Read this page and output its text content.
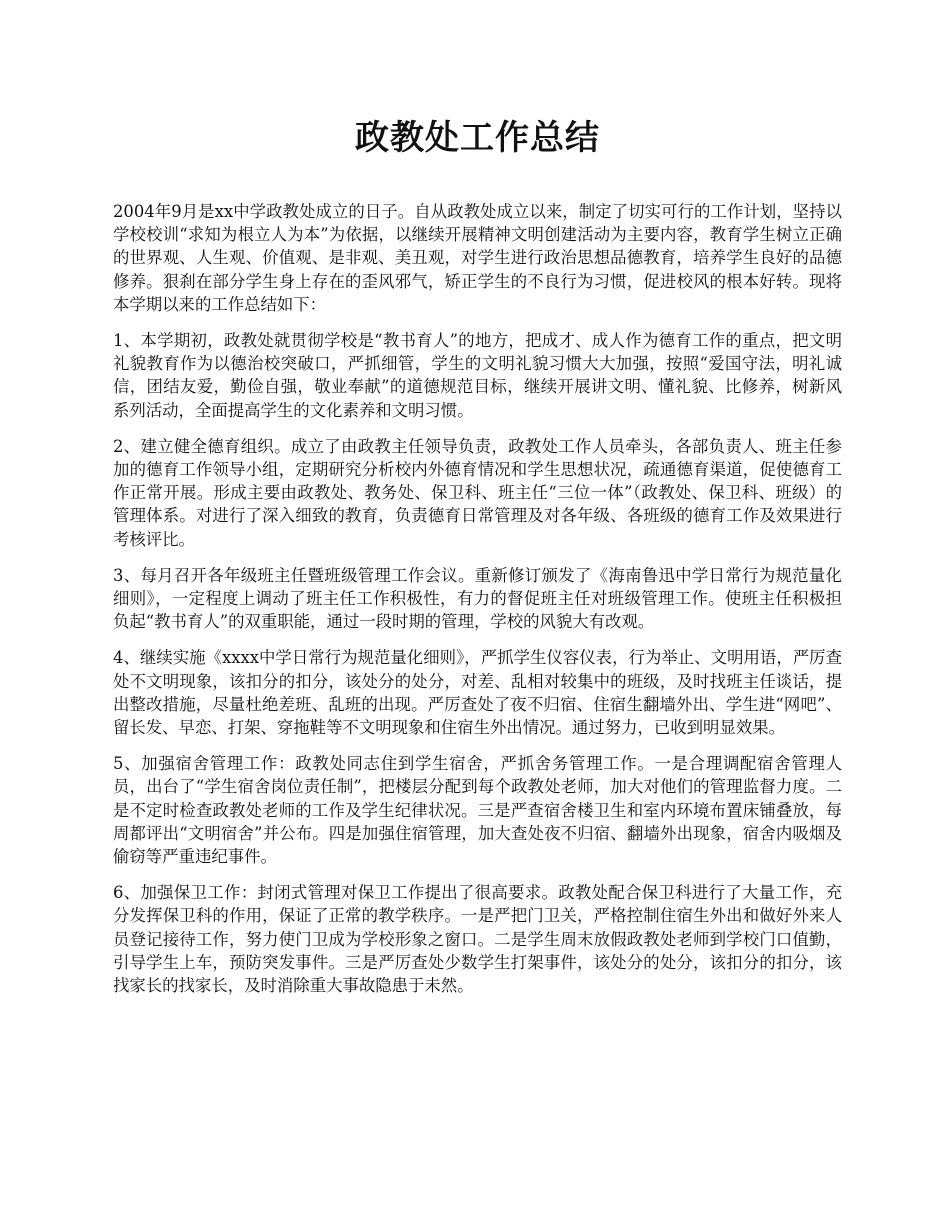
政教处工作总结

2004年9月是xx中学政教处成立的日子。自从政教处成立以来，制定了切实可行的工作计划，坚持以学校校训“求知为根立人为本”为依据，以继续开展精神文明创建活动为主要内容，教育学生树立正确的世界观、人生观、价值观、是非观、美丑观，对学生进行政治思想品德教育，培养学生良好的品德修养。狠刹在部分学生身上存在的歪风邪气，矫正学生的不良行为习惯，促进校风的根本好转。现将本学期以来的工作总结如下：

1、本学期初，政教处就贯彻学校是“教书育人”的地方，把成才、成人作为德育工作的重点，把文明礼貌教育作为以德治校突破口，严抓细管，学生的文明礼貌习惯大大加强，按照“爱国守法，明礼诚信，团结友爱，勤俭自强，敬业奉献”的道德规范目标，继续开展讲文明、懂礼貌、比修养，树新风系列活动，全面提高学生的文化素养和文明习惯。

2、建立健全德育组织。成立了由政教主任领导负责，政教处工作人员牵头，各部负责人、班主任参加的德育工作领导小组，定期研究分析校内外德育情况和学生思想状况，疏通德育渠道，促使德育工作正常开展。形成主要由政教处、教务处、保卫科、班主任“三位一体”（政教处、保卫科、班级）的管理体系。对进行了深入细致的教育，负责德育日常管理及对各年级、各班级的德育工作及效果进行考核评比。

3、每月召开各年级班主任暨班级管理工作会议。重新修订颁发了《海南鲁迅中学日常行为规范量化细则》，一定程度上调动了班主任工作积极性，有力的督促班主任对班级管理工作。使班主任积极担负起“教书育人”的双重职能，通过一段时期的管理，学校的风貌大有改观。

4、继续实施《xxxx中学日常行为规范量化细则》，严抓学生仪容仪表，行为举止、文明用语，严厉查处不文明现象，该扣分的扣分，该处分的处分，对差、乱相对较集中的班级，及时找班主任谈话，提出整改措施，尽量杜绝差班、乱班的出现。严厉查处了夜不归宿、住宿生翻墙外出、学生进“网吧”、留长发、早恋、打架、穿拖鞋等不文明现象和住宿生外出情况。通过努力，已收到明显效果。

5、加强宿舍管理工作：政教处同志住到学生宿舍，严抓舍务管理工作。一是合理调配宿舍管理人员，出台了“学生宿舍岗位责任制”，把楼层分配到每个政教处老师，加大对他们的管理监督力度。二是不定时检查政教处老师的工作及学生纪律状况。三是严查宿舍楼卫生和室内环境布置床铺叠放，每周都评出“文明宿舍”并公布。四是加强住宿管理，加大查处夜不归宿、翻墙外出现象，宿舍内吸烟及偷窃等严重违纪事件。

6、加强保卫工作：封闭式管理对保卫工作提出了很高要求。政教处配合保卫科进行了大量工作，充分发挥保卫科的作用，保证了正常的教学秩序。一是严把门卫关，严格控制住宿生外出和做好外来人员登记接待工作，努力使门卫成为学校形象之窗口。二是学生周末放假政教处老师到学校门口值勤，引导学生上车，预防突发事件。三是严厉查处少数学生打架事件，该处分的处分，该扣分的扣分，该找家长的找家长，及时消除重大事故隐患于未然。
